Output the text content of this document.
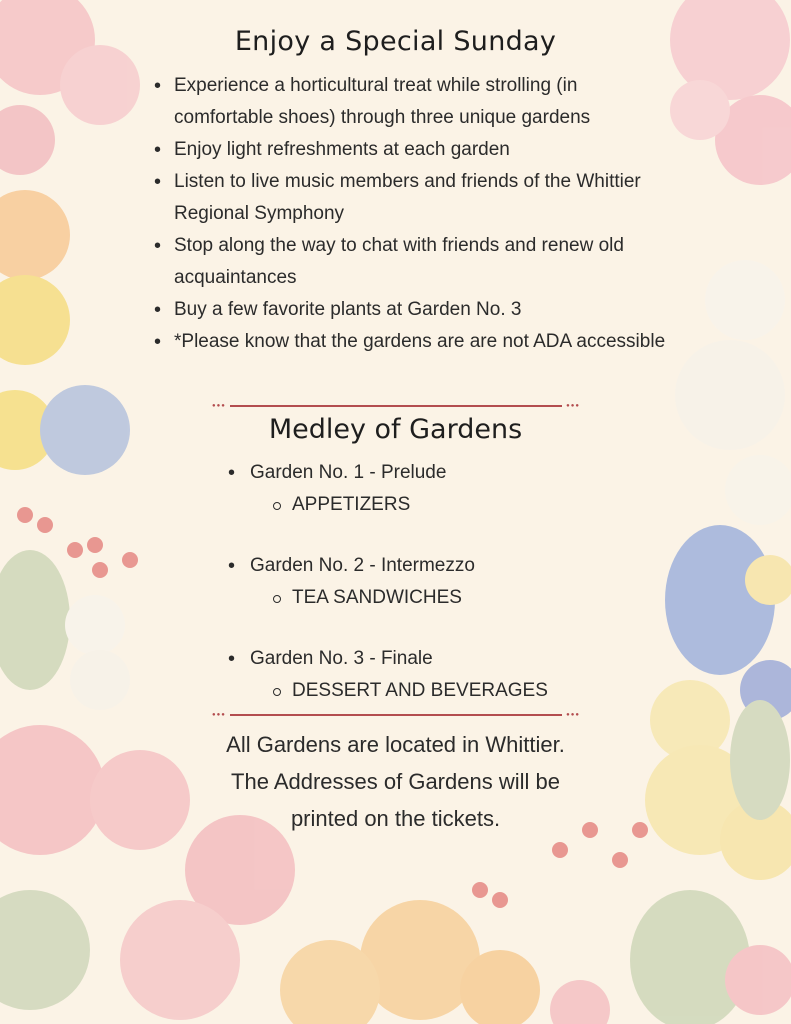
Enjoy a Special Sunday
• Experience a horticultural treat while strolling (in comfortable shoes) through three unique gardens
• Enjoy light refreshments at each garden
• Listen to live music members and friends of the Whittier Regional Symphony
• Stop along the way to chat with friends and renew old acquaintances
• Buy a few favorite plants at Garden No. 3
• *Please know that the gardens are are not ADA accessible
●●●	●●●
Medley of Gardens
• Garden No. 1 - Prelude
APPETIZERS
• Garden No. 2 - Intermezzo
TEA SANDWICHES
• Garden No. 3 - Finale
DESSERT AND BEVERAGES
●●●	●●●
All Gardens are located in Whittier.
The Addresses of Gardens will be
printed on the tickets.
